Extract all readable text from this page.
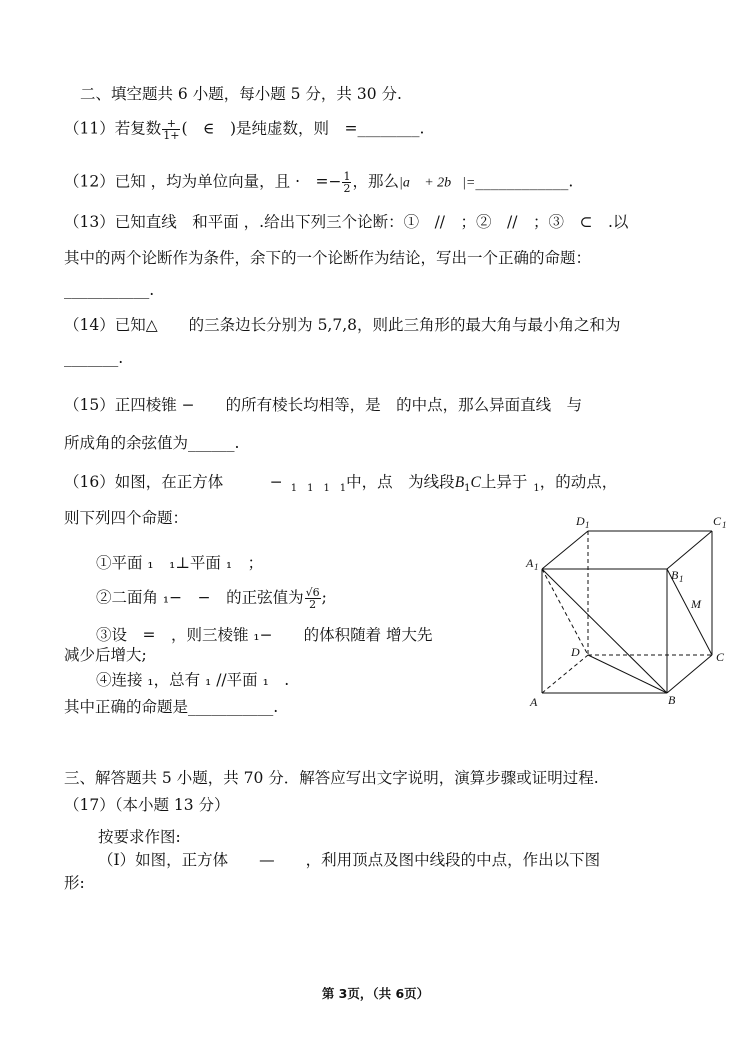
二、填空题共 6 小题，每小题 5 分，共 30 分.
（11）若复数 $\frac{+}{1+}$ (　∈　)是纯虚数，则　=________.
（12）已知 ，均为单位向量，且 ·　=− $\frac{1}{2}$ ，那么|a⃗ + 2b⃗|=____________.
（13）已知直线　和平面 ，.给出下列三个论断：①　//　；②　//　；③　⊂　.以
其中的两个论断作为条件，余下的一个论断作为结论，写出一个正确的命题：
___________.
（14）已知△　　的三条边长分别为 5,7,8，则此三角形的最大角与最小角之和为
_______.
（15）正四棱锥 −　　的所有棱长均相等，是　的中点，那么异面直线　与
所成角的余弦值为______.
（16）如图，在正方体　　　− $_{1 1 1 1}$中，点　为线段$B_1C$上异于 $_1$，的动点，
则下列四个命题：
①平面 ₁　₁⊥平面 ₁　；
②二面角 ₁−　−　的正弦值为 $\frac{√6}{2}$ ;
③设　=　，则三棱锥 ₁−　　的体积随着 增大先
减少后增大;
④连接 ₁，总有 ₁ //平面 ₁　.
其中正确的命题是___________.
D 1	C 1
A 1
B 1
M
D	C
A	B
三、解答题共 5 小题，共 70 分．解答应写出文字说明，演算步骤或证明过程.
（17）（本小题 13 分）
按要求作图:
（Ⅰ）如图，正方体　　—　　，利用顶点及图中线段的中点，作出以下图
形:
第 3页，（共 6页）
